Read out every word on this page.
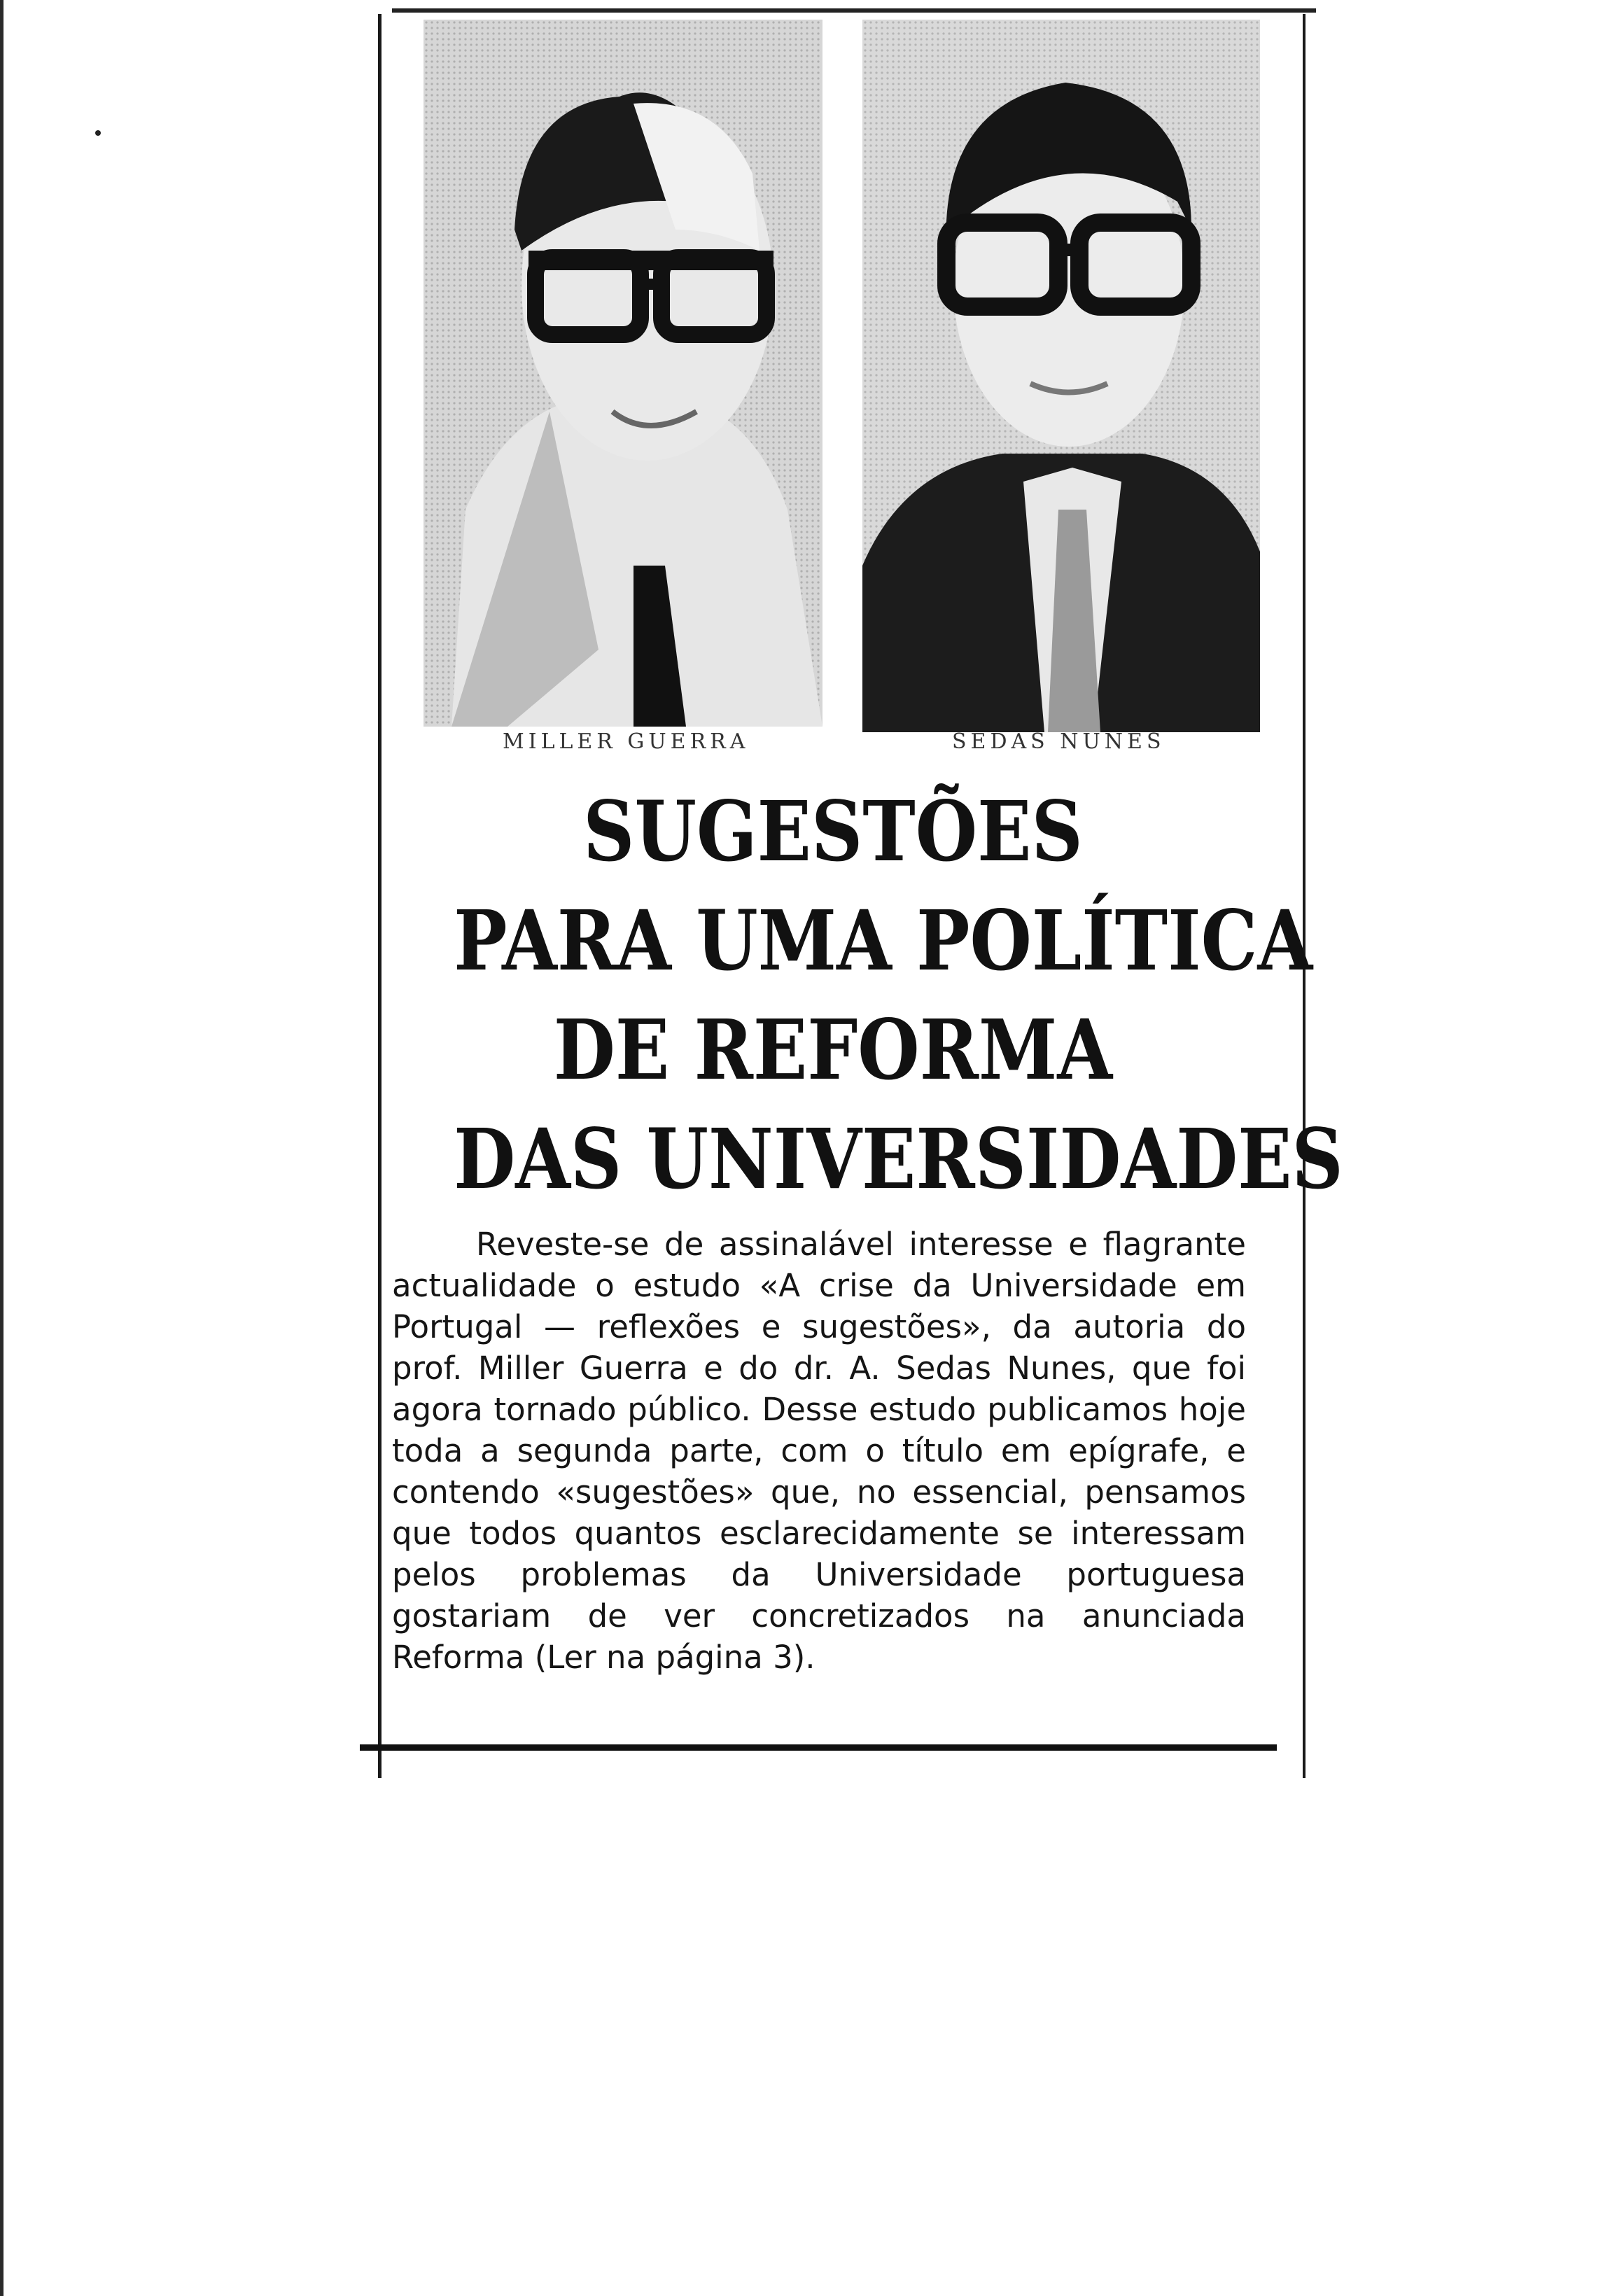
MILLER GUERRA	SEDAS NUNES
SUGESTÕES
PARA UMA POLÍTICA
DE REFORMA
DAS UNIVERSIDADES

Reveste-se de assinalável interesse e flagrante actualidade o estudo «A crise da Universidade em Portugal — reflexões e sugestões», da autoria do prof. Miller Guerra e do dr. A. Sedas Nunes, que foi agora tornado público. Desse estudo publicamos hoje toda a segunda parte, com o título em epígrafe, e contendo «sugestões» que, no essencial, pensamos que todos quantos esclarecidamente se interessam pelos problemas da Universidade portuguesa gostariam de ver concretizados na anunciada Reforma (Ler na página 3).
